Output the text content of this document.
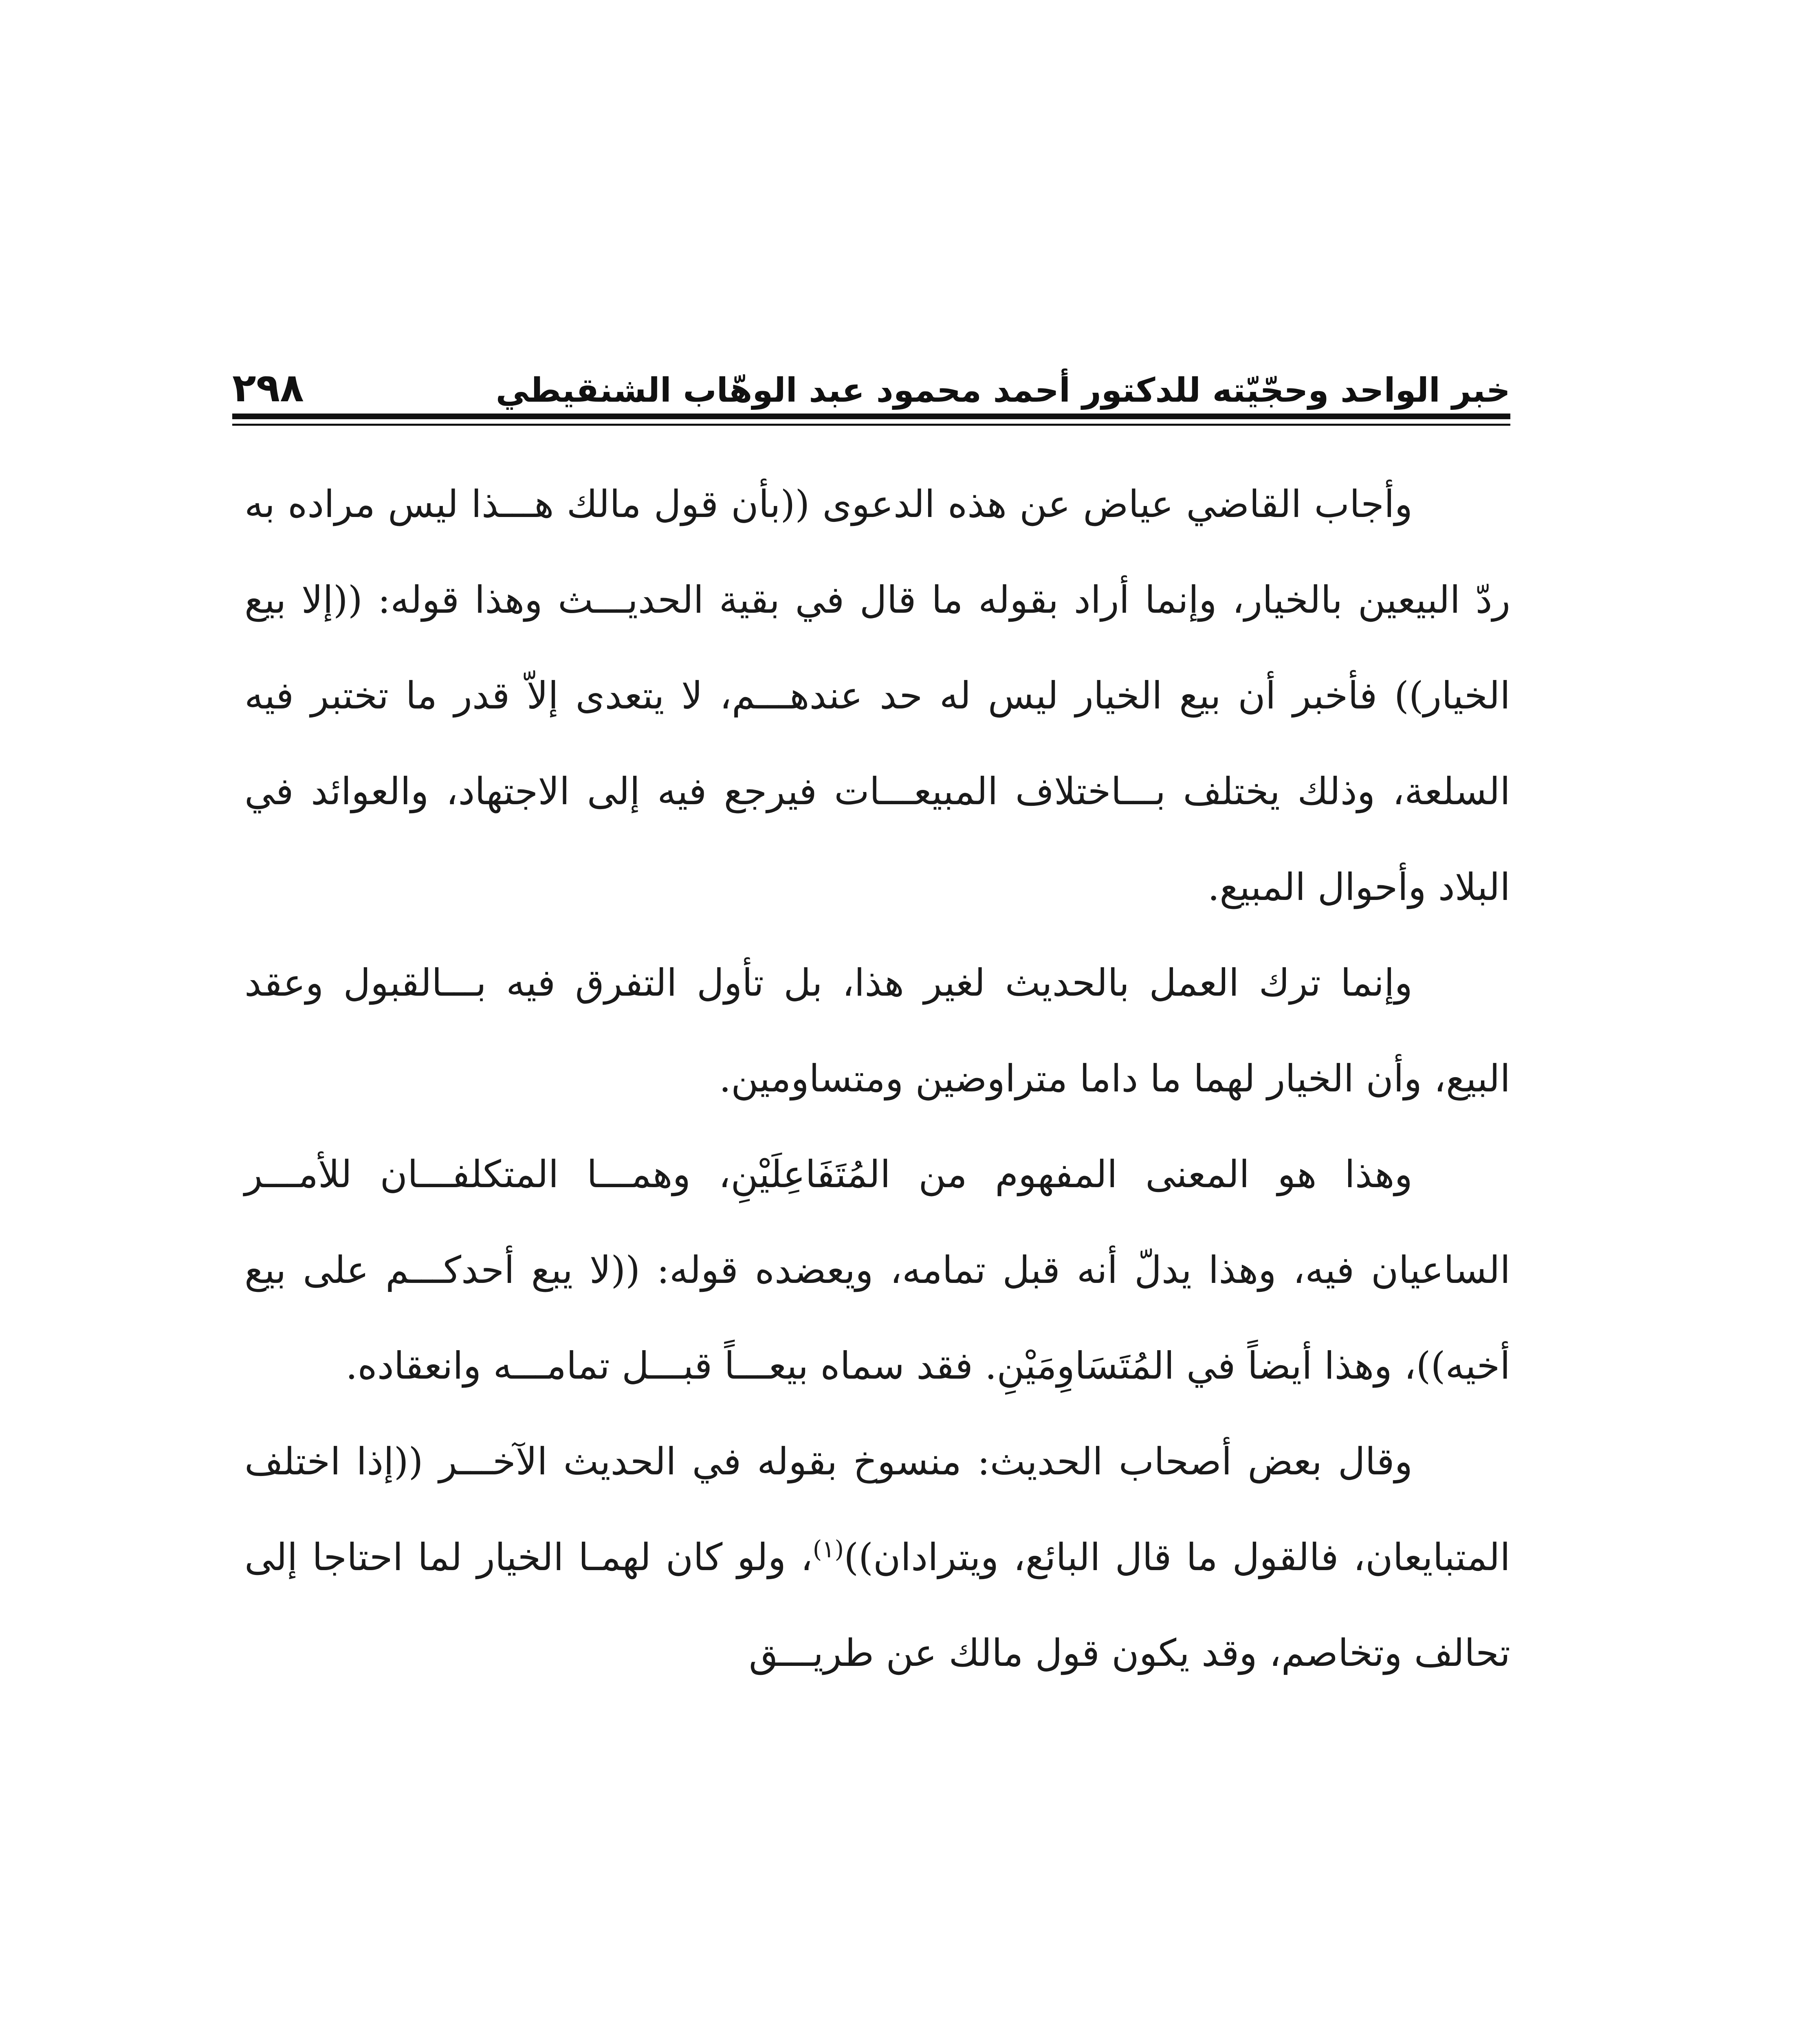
خبر الواحد وحجّيّته للدكتور أحمد محمود عبد الوهّاب الشنقيطي
٢٩٨

وأجاب القاضي عياض عن هذه الدعوى ((بأن قول مالك هـــذا ليس مراده به ردّ البيعين بالخيار، وإنما أراد بقوله ما قال في بقية الحديـــث وهذا قوله: ((إلا بيع الخيار)) فأخبر أن بيع الخيار ليس له حد عندهـــم، لا يتعدى إلاّ قدر ما تختبر فيه السلعة، وذلك يختلف بـــاختلاف المبيعـــات فيرجع فيه إلى الاجتهاد، والعوائد في البلاد وأحوال المبيع.

وإنما ترك العمل بالحديث لغير هذا، بل تأول التفرق فيه بـــالقبول وعقد البيع، وأن الخيار لهما ما داما متراوضين ومتساومين.

وهذا هو المعنى المفهوم من المُتَفَاعِلَيْنِ، وهمـــا المتكلفـــان للأمـــر الساعيان فيه، وهذا يدلّ أنه قبل تمامه، ويعضده قوله: ((لا يبع أحدكـــم على بيع أخيه))، وهذا أيضاً في المُتَسَاوِمَيْنِ. فقد سماه بيعـــاً قبـــل تمامـــه وانعقاده.

وقال بعض أصحاب الحديث: منسوخ بقوله في الحديث الآخـــر ((إذا اختلف المتبايعان، فالقول ما قال البائع، ويترادان))$^{(١)}$، ولو كان لهمـا الخيار لما احتاجا إلى تحالف وتخاصم، وقد يكون قول مالك عن طريـــق
